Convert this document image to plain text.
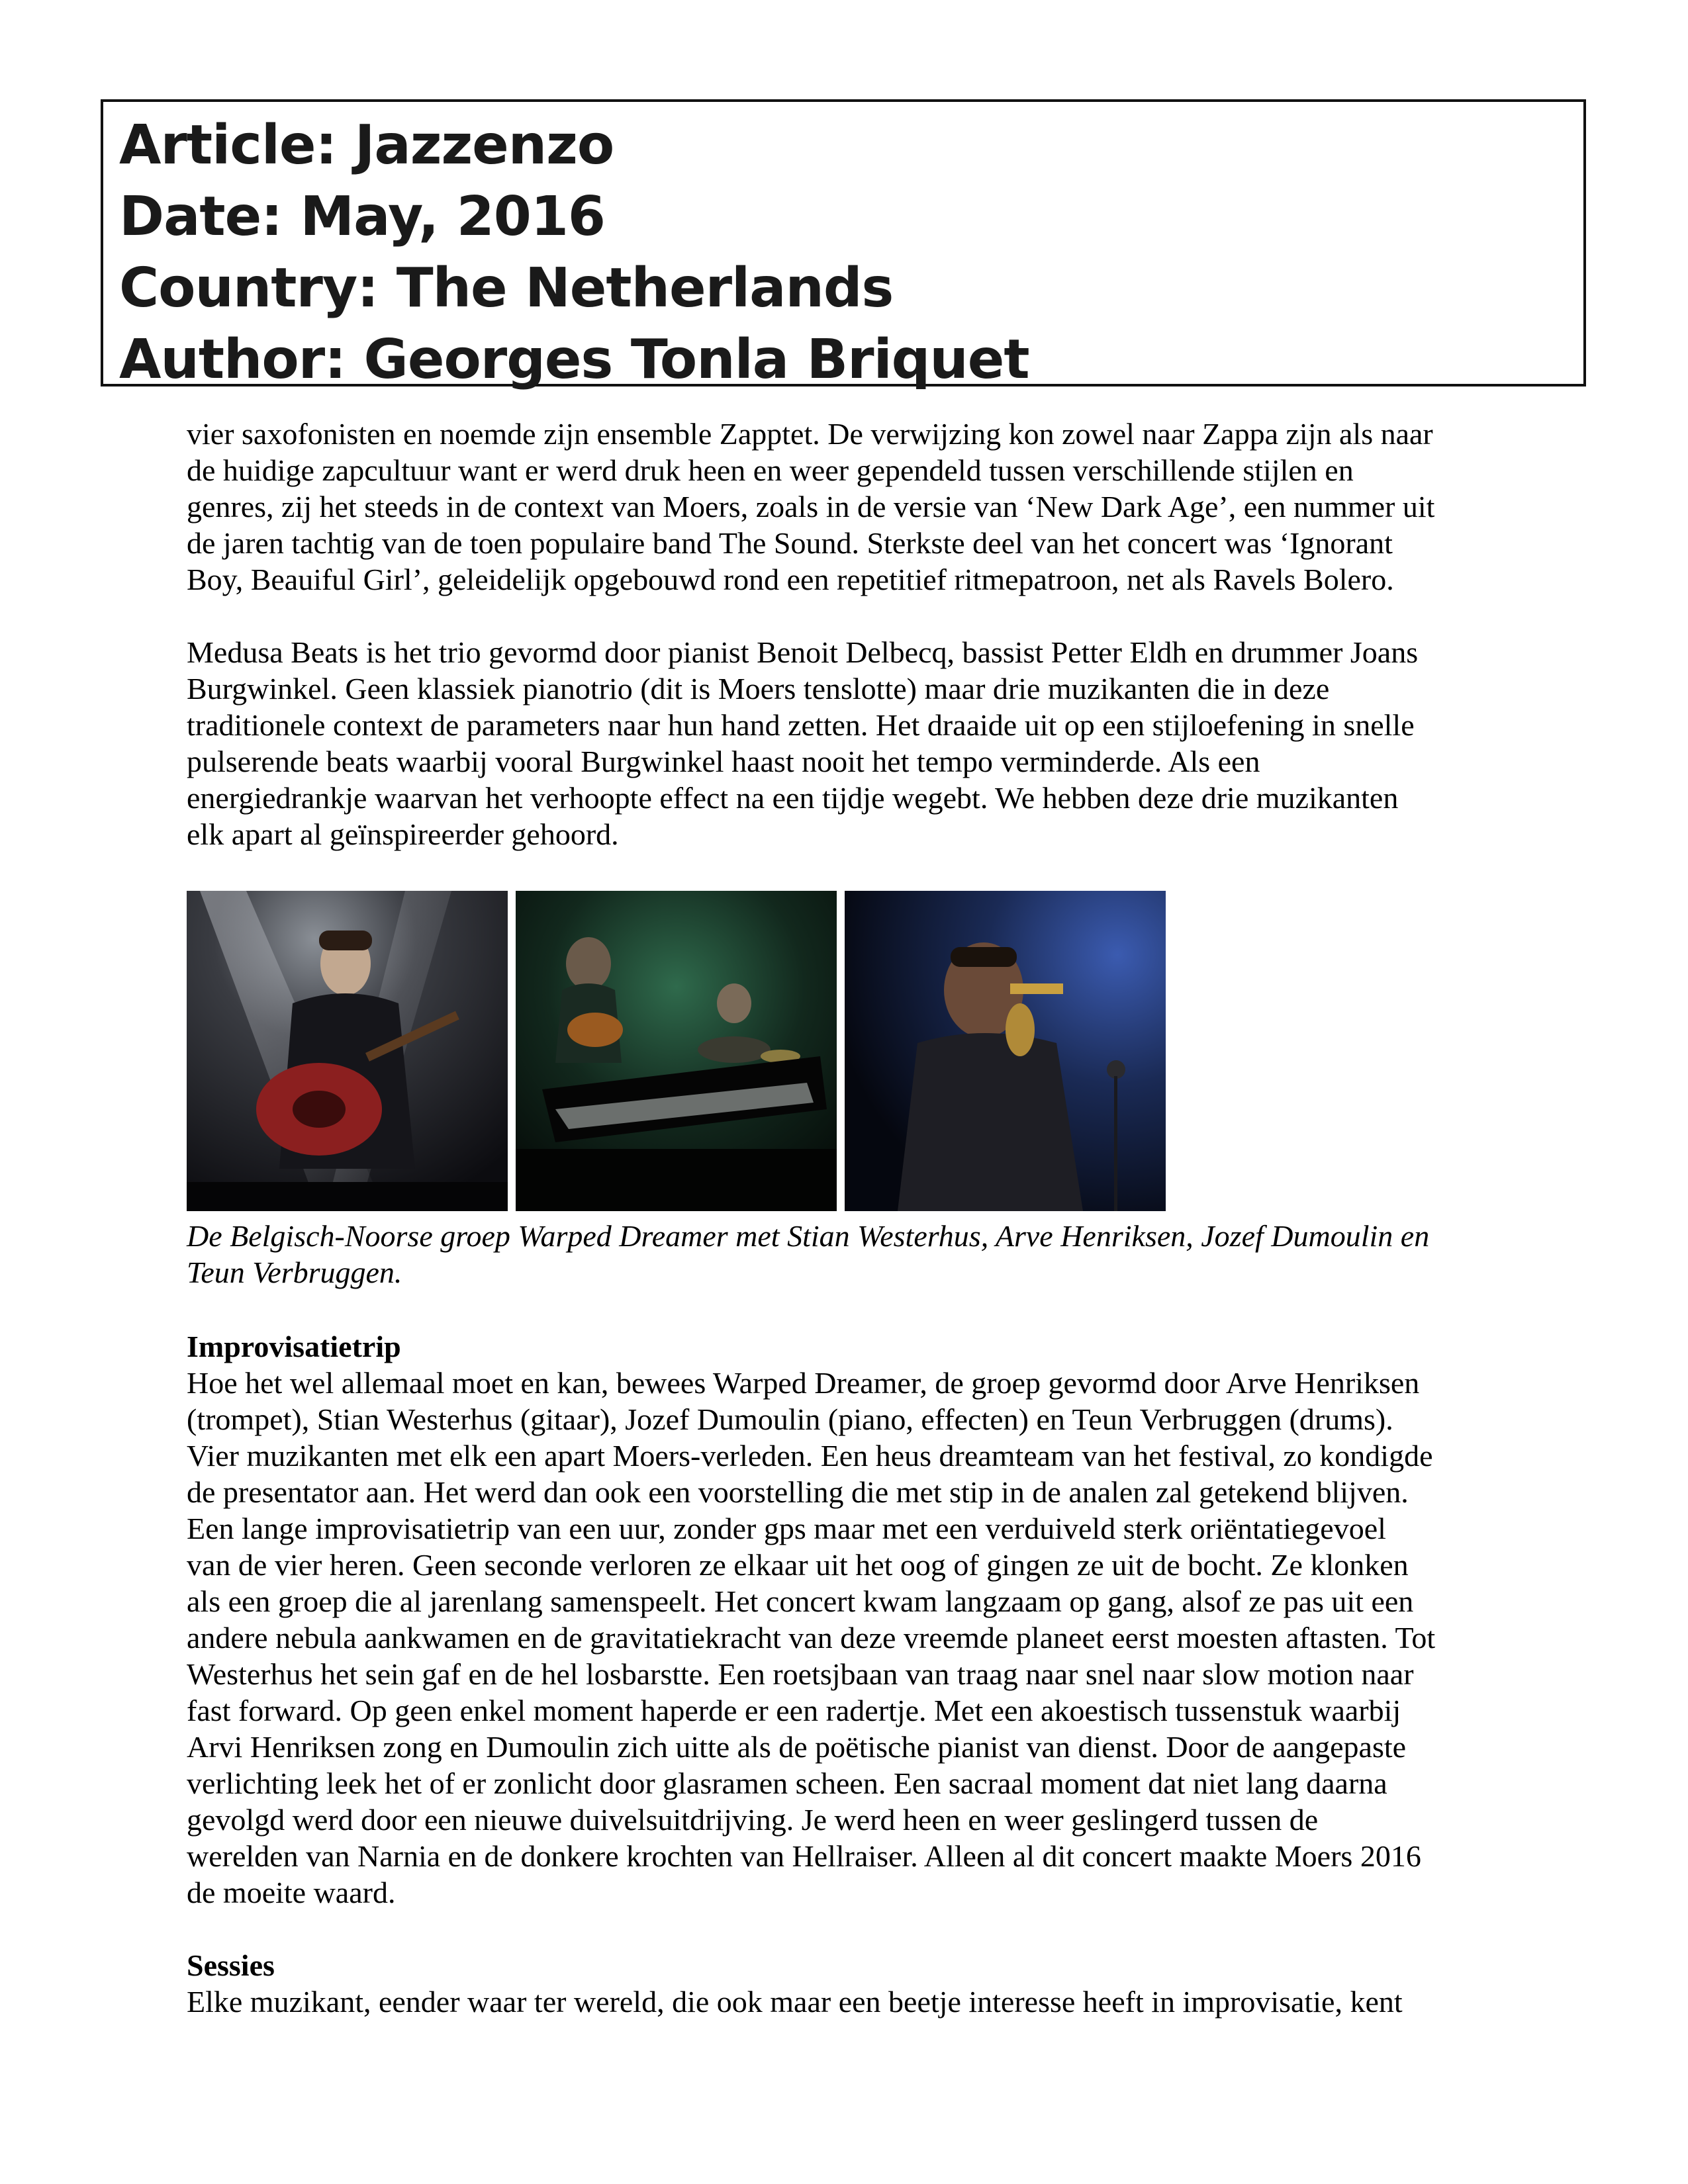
Article: Jazzenzo
Date: May, 2016
Country: The Netherlands
Author: Georges Tonla Briquet

vier saxofonisten en noemde zijn ensemble Zapptet. De verwijzing kon zowel naar Zappa zijn als naar
de huidige zapcultuur want er werd druk heen en weer gependeld tussen verschillende stijlen en
genres, zij het steeds in de context van Moers, zoals in de versie van ‘New Dark Age’, een nummer uit
de jaren tachtig van de toen populaire band The Sound. Sterkste deel van het concert was ‘Ignorant
Boy, Beauiful Girl’, geleidelijk opgebouwd rond een repetitief ritmepatroon, net als Ravels Bolero.

Medusa Beats is het trio gevormd door pianist Benoit Delbecq, bassist Petter Eldh en drummer Joans
Burgwinkel. Geen klassiek pianotrio (dit is Moers tenslotte) maar drie muzikanten die in deze
traditionele context de parameters naar hun hand zetten. Het draaide uit op een stijloefening in snelle
pulserende beats waarbij vooral Burgwinkel haast nooit het tempo verminderde. Als een
energiedrankje waarvan het verhoopte effect na een tijdje wegebt. We hebben deze drie muzikanten
elk apart al geïnspireerder gehoord.

De Belgisch-Noorse groep Warped Dreamer met Stian Westerhus, Arve Henriksen, Jozef Dumoulin en
Teun Verbruggen.

Improvisatietrip

Hoe het wel allemaal moet en kan, bewees Warped Dreamer, de groep gevormd door Arve Henriksen
(trompet), Stian Westerhus (gitaar), Jozef Dumoulin (piano, effecten) en Teun Verbruggen (drums).
Vier muzikanten met elk een apart Moers-verleden. Een heus dreamteam van het festival, zo kondigde
de presentator aan. Het werd dan ook een voorstelling die met stip in de analen zal getekend blijven.
Een lange improvisatietrip van een uur, zonder gps maar met een verduiveld sterk oriëntatiegevoel
van de vier heren. Geen seconde verloren ze elkaar uit het oog of gingen ze uit de bocht. Ze klonken
als een groep die al jarenlang samenspeelt. Het concert kwam langzaam op gang, alsof ze pas uit een
andere nebula aankwamen en de gravitatiekracht van deze vreemde planeet eerst moesten aftasten. Tot
Westerhus het sein gaf en de hel losbarstte. Een roetsjbaan van traag naar snel naar slow motion naar
fast forward. Op geen enkel moment haperde er een radertje. Met een akoestisch tussenstuk waarbij
Arvi Henriksen zong en Dumoulin zich uitte als de poëtische pianist van dienst. Door de aangepaste
verlichting leek het of er zonlicht door glasramen scheen. Een sacraal moment dat niet lang daarna
gevolgd werd door een nieuwe duivelsuitdrijving. Je werd heen en weer geslingerd tussen de
werelden van Narnia en de donkere krochten van Hellraiser. Alleen al dit concert maakte Moers 2016
de moeite waard.

Sessies

Elke muzikant, eender waar ter wereld, die ook maar een beetje interesse heeft in improvisatie, kent
